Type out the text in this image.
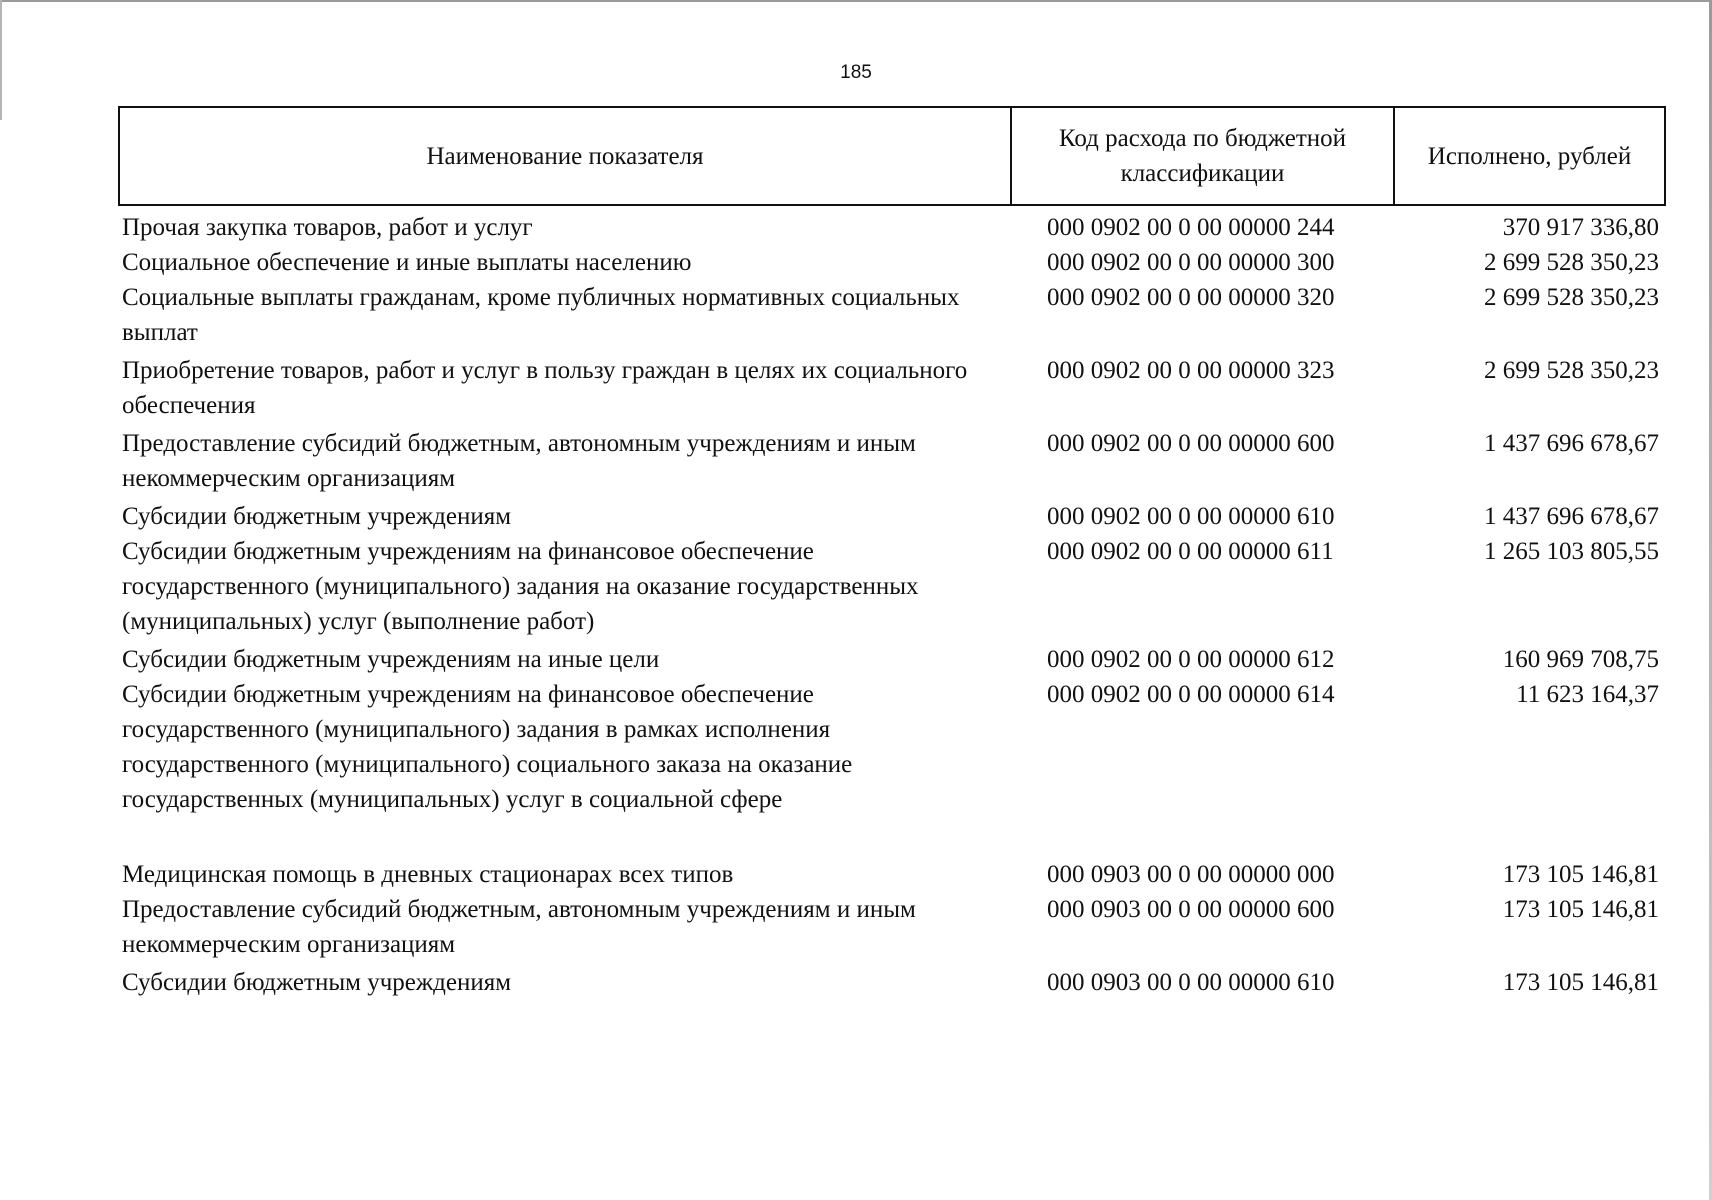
185
Наименование показателя	Код расхода по бюджетной классификации	Исполнено, рублей
Прочая закупка товаров, работ и услуг	000 0902 00 0 00 00000 244	370 917 336,80
Социальное обеспечение и иные выплаты населению	000 0902 00 0 00 00000 300	2 699 528 350,23
Социальные выплаты гражданам, кроме публичных нормативных социальных выплат	000 0902 00 0 00 00000 320	2 699 528 350,23
Приобретение товаров, работ и услуг в пользу граждан в целях их социального обеспечения	000 0902 00 0 00 00000 323	2 699 528 350,23
Предоставление субсидий бюджетным, автономным учреждениям и иным некоммерческим организациям	000 0902 00 0 00 00000 600	1 437 696 678,67
Субсидии бюджетным учреждениям	000 0902 00 0 00 00000 610	1 437 696 678,67
Субсидии бюджетным учреждениям на финансовое обеспечение государственного (муниципального) задания на оказание государственных (муниципальных) услуг (выполнение работ)	000 0902 00 0 00 00000 611	1 265 103 805,55
Субсидии бюджетным учреждениям на иные цели	000 0902 00 0 00 00000 612	160 969 708,75
Субсидии бюджетным учреждениям на финансовое обеспечение государственного (муниципального) задания в рамках исполнения государственного (муниципального) социального заказа на оказание государственных (муниципальных) услуг в социальной сфере	000 0902 00 0 00 00000 614	11 623 164,37

Медицинская помощь в дневных стационарах всех типов	000 0903 00 0 00 00000 000	173 105 146,81
Предоставление субсидий бюджетным, автономным учреждениям и иным некоммерческим организациям	000 0903 00 0 00 00000 600	173 105 146,81
Субсидии бюджетным учреждениям	000 0903 00 0 00 00000 610	173 105 146,81
